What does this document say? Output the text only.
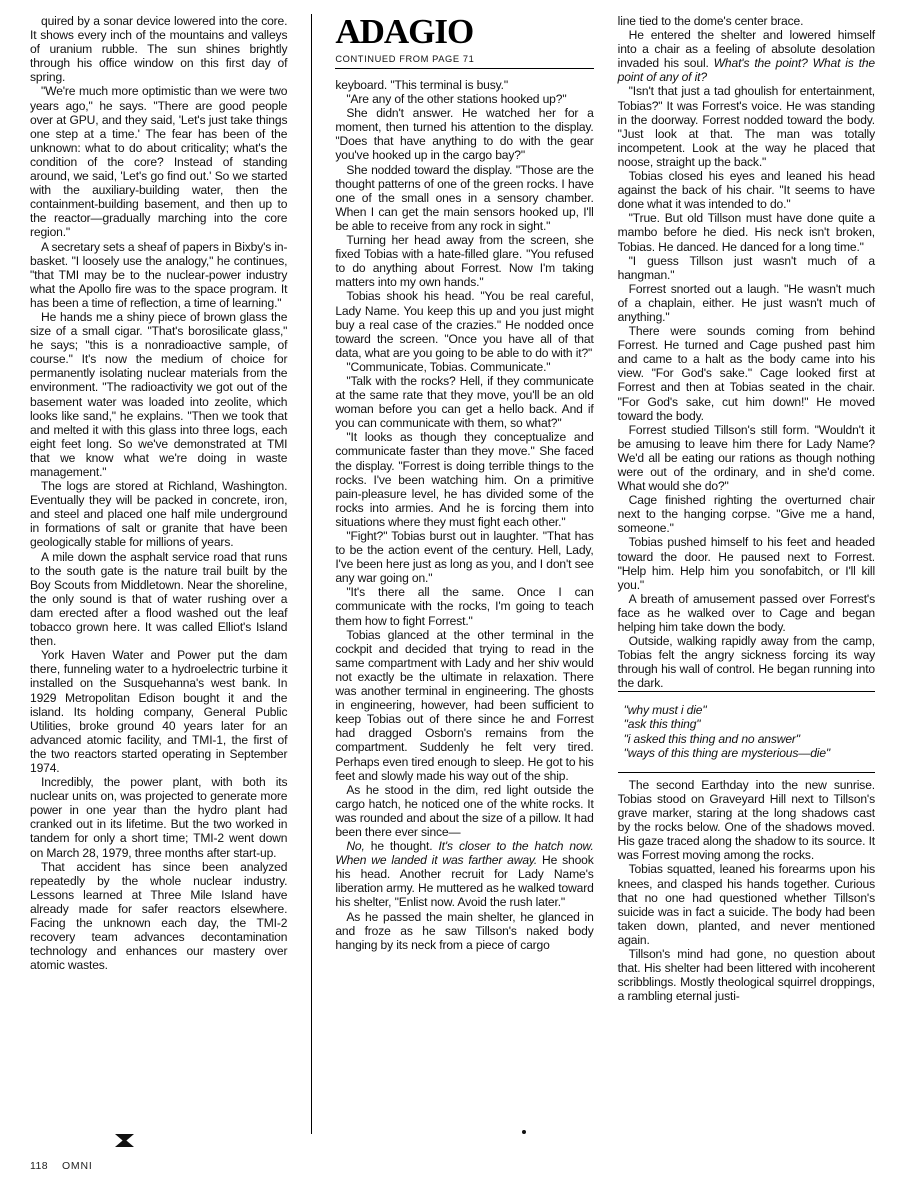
quired by a sonar device lowered into the core. It shows every inch of the mountains and valleys of uranium rubble. The sun shines brightly through his office window on this first day of spring.

"We're much more optimistic than we were two years ago," he says. "There are good people over at GPU, and they said, 'Let's just take things one step at a time.' The fear has been of the unknown: what to do about criticality; what's the condition of the core? Instead of standing around, we said, 'Let's go find out.' So we started with the auxiliary-building water, then the containment-building basement, and then up to the reactor—gradually marching into the core region."

A secretary sets a sheaf of papers in Bixby's in-basket. "I loosely use the analogy," he continues, "that TMI may be to the nuclear-power industry what the Apollo fire was to the space program. It has been a time of reflection, a time of learning."

He hands me a shiny piece of brown glass the size of a small cigar. "That's borosilicate glass," he says; "this is a nonradioactive sample, of course." It's now the medium of choice for permanently isolating nuclear materials from the environment. "The radioactivity we got out of the basement water was loaded into zeolite, which looks like sand," he explains. "Then we took that and melted it with this glass into three logs, each eight feet long. So we've demonstrated at TMI that we know what we're doing in waste management."

The logs are stored at Richland, Washington. Eventually they will be packed in concrete, iron, and steel and placed one half mile underground in formations of salt or granite that have been geologically stable for millions of years.

A mile down the asphalt service road that runs to the south gate is the nature trail built by the Boy Scouts from Middletown. Near the shoreline, the only sound is that of water rushing over a dam erected after a flood washed out the leaf tobacco grown here. It was called Elliot's Island then.

York Haven Water and Power put the dam there, funneling water to a hydroelectric turbine it installed on the Susquehanna's west bank. In 1929 Metropolitan Edison bought it and the island. Its holding company, General Public Utilities, broke ground 40 years later for an advanced atomic facility, and TMI-1, the first of the two reactors started operating in September 1974.

Incredibly, the power plant, with both its nuclear units on, was projected to generate more power in one year than the hydro plant had cranked out in its lifetime. But the two worked in tandem for only a short time; TMI-2 went down on March 28, 1979, three months after start-up.

That accident has since been analyzed repeatedly by the whole nuclear industry. Lessons learned at Three Mile Island have already made for safer reactors elsewhere. Facing the unknown each day, the TMI-2 recovery team advances decontamination technology and enhances our mastery over atomic wastes.

ADAGIO
CONTINUED FROM PAGE 71

keyboard. "This terminal is busy."

"Are any of the other stations hooked up?"

She didn't answer. He watched her for a moment, then turned his attention to the display. "Does that have anything to do with the gear you've hooked up in the cargo bay?"

She nodded toward the display. "Those are the thought patterns of one of the green rocks. I have one of the small ones in a sensory chamber. When I can get the main sensors hooked up, I'll be able to receive from any rock in sight."

Turning her head away from the screen, she fixed Tobias with a hate-filled glare. "You refused to do anything about Forrest. Now I'm taking matters into my own hands."

Tobias shook his head. "You be real careful, Lady Name. You keep this up and you just might buy a real case of the crazies." He nodded once toward the screen. "Once you have all of that data, what are you going to be able to do with it?"

"Communicate, Tobias. Communicate."

"Talk with the rocks? Hell, if they communicate at the same rate that they move, you'll be an old woman before you can get a hello back. And if you can communicate with them, so what?"

"It looks as though they conceptualize and communicate faster than they move." She faced the display. "Forrest is doing terrible things to the rocks. I've been watching him. On a primitive pain-pleasure level, he has divided some of the rocks into armies. And he is forcing them into situations where they must fight each other."

"Fight?" Tobias burst out in laughter. "That has to be the action event of the century. Hell, Lady, I've been here just as long as you, and I don't see any war going on."

"It's there all the same. Once I can communicate with the rocks, I'm going to teach them how to fight Forrest."

Tobias glanced at the other terminal in the cockpit and decided that trying to read in the same compartment with Lady and her shiv would not exactly be the ultimate in relaxation. There was another terminal in engineering. The ghosts in engineering, however, had been sufficient to keep Tobias out of there since he and Forrest had dragged Osborn's remains from the compartment. Suddenly he felt very tired. Perhaps even tired enough to sleep. He got to his feet and slowly made his way out of the ship.

As he stood in the dim, red light outside the cargo hatch, he noticed one of the white rocks. It was rounded and about the size of a pillow. It had been there ever since—

No, he thought. It's closer to the hatch now. When we landed it was farther away. He shook his head. Another recruit for Lady Name's liberation army. He muttered as he walked toward his shelter, "Enlist now. Avoid the rush later."

As he passed the main shelter, he glanced in and froze as he saw Tillson's naked body hanging by its neck from a piece of cargo

line tied to the dome's center brace.

He entered the shelter and lowered himself into a chair as a feeling of absolute desolation invaded his soul. What's the point? What is the point of any of it?

"Isn't that just a tad ghoulish for entertainment, Tobias?" It was Forrest's voice. He was standing in the doorway. Forrest nodded toward the body. "Just look at that. The man was totally incompetent. Look at the way he placed that noose, straight up the back."

Tobias closed his eyes and leaned his head against the back of his chair. "It seems to have done what it was intended to do."

"True. But old Tillson must have done quite a mambo before he died. His neck isn't broken, Tobias. He danced. He danced for a long time."

"I guess Tillson just wasn't much of a hangman."

Forrest snorted out a laugh. "He wasn't much of a chaplain, either. He just wasn't much of anything."

There were sounds coming from behind Forrest. He turned and Cage pushed past him and came to a halt as the body came into his view. "For God's sake." Cage looked first at Forrest and then at Tobias seated in the chair. "For God's sake, cut him down!" He moved toward the body.

Forrest studied Tillson's still form. "Wouldn't it be amusing to leave him there for Lady Name? We'd all be eating our rations as though nothing were out of the ordinary, and in she'd come. What would she do?"

Cage finished righting the overturned chair next to the hanging corpse. "Give me a hand, someone."

Tobias pushed himself to his feet and headed toward the door. He paused next to Forrest. "Help him. Help him you sonofabitch, or I'll kill you."

A breath of amusement passed over Forrest's face as he walked over to Cage and began helping him take down the body.

Outside, walking rapidly away from the camp, Tobias felt the angry sickness forcing its way through his wall of control. He began running into the dark.

"why must i die"

"ask this thing"

"i asked this thing and no answer"

"ways of this thing are mysterious—die"

The second Earthday into the new sunrise. Tobias stood on Graveyard Hill next to Tillson's grave marker, staring at the long shadows cast by the rocks below. One of the shadows moved. His gaze traced along the shadow to its source. It was Forrest moving among the rocks.

Tobias squatted, leaned his forearms upon his knees, and clasped his hands together. Curious that no one had questioned whether Tillson's suicide was in fact a suicide. The body had been taken down, planted, and never mentioned again.

Tillson's mind had gone, no question about that. His shelter had been littered with incoherent scribblings. Mostly theological squirrel droppings, a rambling eternal justi-

118 OMNI
